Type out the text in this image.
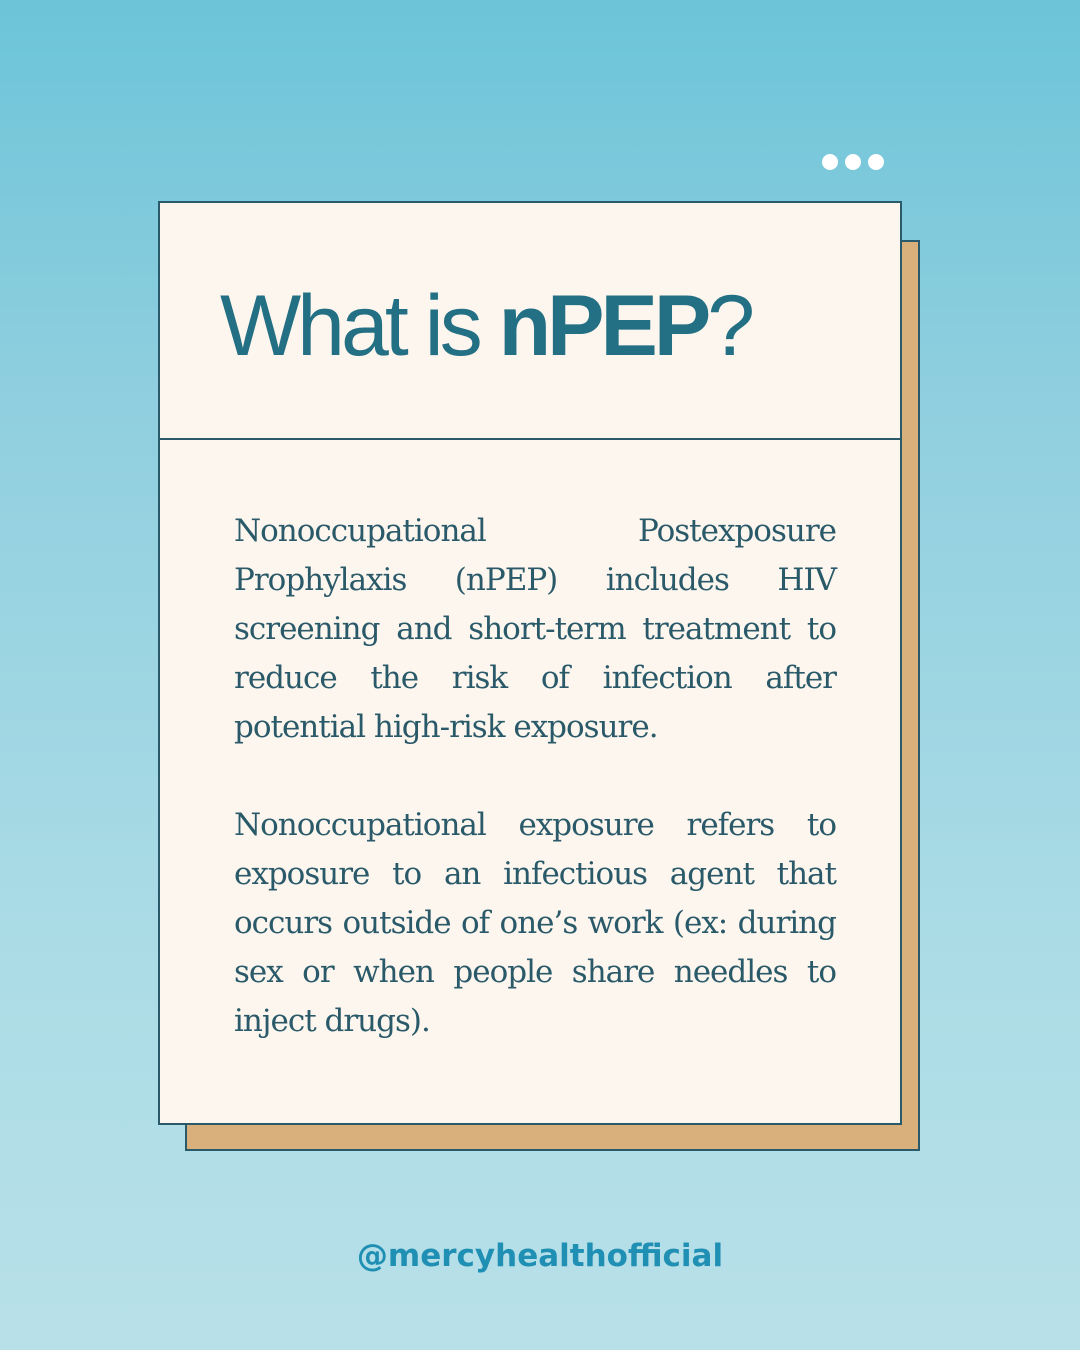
What is nPEP?

Nonoccupational Postexposure Prophylaxis (nPEP) includes HIV screening and short-term treatment to reduce the risk of infection after potential high-risk exposure.

Nonoccupational exposure refers to exposure to an infectious agent that occurs outside of one’s work (ex: during sex or when people share needles to inject drugs).

@mercyhealthofficial
